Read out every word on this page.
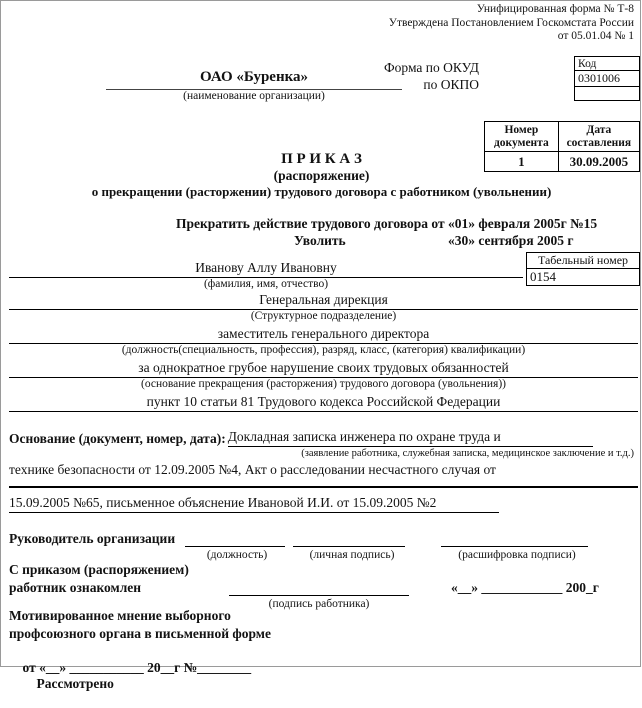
Унифицированная форма № Т-8
Утверждена Постановлением Госкомстата России
от 05.01.04 № 1
ОАО «Буренка»
(наименование организации)
Форма по ОКУД
по ОКПО
Код
0301006

Номер документа	Дата составления
1	30.09.2005
П Р И К А З
(распоряжение)
о прекращении (расторжении) трудового договора с работником (увольнении)
Прекратить действие трудового договора от «01» февраля 2005г №15
Уволить	«30» сентября 2005 г
Табельный номер
0154
Иванову Аллу Ивановну
(фамилия, имя, отчество)
Генеральная дирекция
(Структурное подразделение)
заместитель генерального директора
(должность(специальность, профессия), разряд, класс, (категория) квалификации)
за однократное грубое нарушение своих трудовых обязанностей
(основание прекращения (расторжения) трудового договора (увольнения))
пункт 10 статьи 81 Трудового кодекса Российской Федерации
Основание (документ, номер, дата): Докладная записка инженера по охране труда и
(заявление работника, служебная записка, медицинское заключение и т.д.)
технике безопасности от 12.09.2005 №4, Акт о расследовании несчастного случая от
15.09.2005 №65, письменное объяснение Ивановой И.И. от 15.09.2005 №2
Руководитель организации
(должность)	(личная подпись)	(расшифровка подписи)
С приказом (распоряжением)
работник ознакомлен
(подпись работника)
«__» ____________ 200_г
Мотивированное мнение выборного
профсоюзного органа в письменной форме

от «__» ___________ 20__г №________
Рассмотрено
